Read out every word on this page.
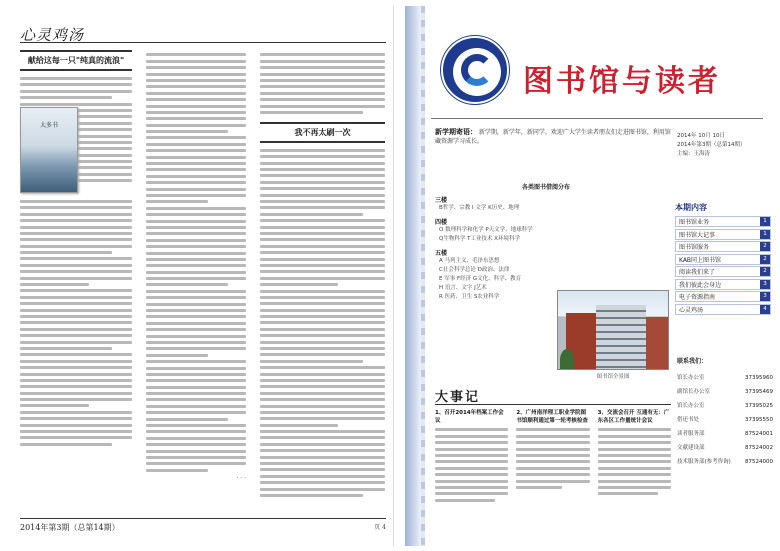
心灵鸡汤
献给这每一只"纯真的流浪"
太多书
· · ·
我不再太刷一次
2014年第3期（总第14期）	页 4
图书馆与读者
新学期寄语： 新学期，新学年，新同学。欢迎广大学生读者朋友们走进图书馆，利用馆藏资源学习成长。
2014年 10月 10日
2014年第3期（总第14期）
主编：王海涛
各类图书借阅分布
三楼
B哲学、宗教 I 文学 K历史、地理
四楼
O 数理科学和化学 P天文学、地球科学
Q生物科学 T工业技术 X环境科学
五楼
A 马列主义、毛泽东思想
C社会科学总论 D政治、法律
E 军事 F经济 G文化、科学、教育
H 语言、文字 J艺术
R 医药、卫生 S农业科学
图书馆全景图
本期内容
图书馆业务	1
图书馆大记事	1
图书馆服务	2
KAB同上图书馆	2
阅读我们来了	2
我们彼此会身边	3
电子资源指南	3
心灵鸡汤	4
大事记
1、召开2014年档案工作会议
2、广州南洋理工职业学院图书馆顺利通过第一轮考核检查
3、交流会召开 互通有无：广东各区工作量统计会议
联系我们：
馆长办公室	37395960
副馆长办公室	37395469
馆长办公室	37395025
借还书处	37395550
读者服务部	87524001
文献建设部	87524002
技术服务部(参考咨询)	87524000
